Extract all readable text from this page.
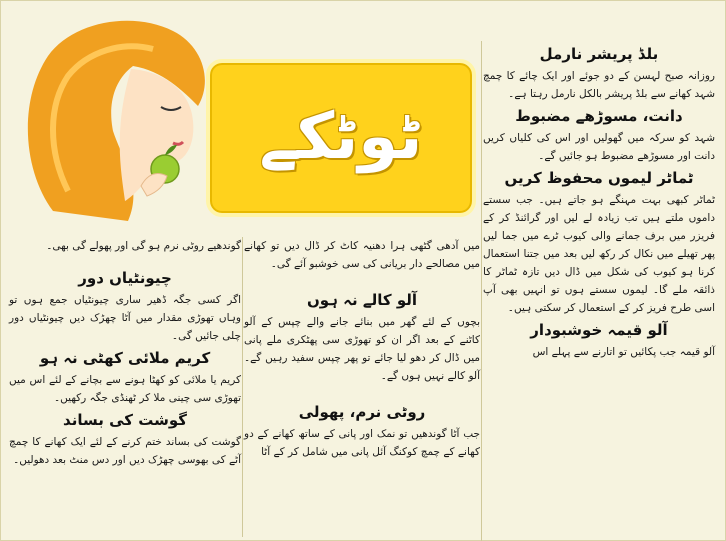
ٹوٹکے
بلڈ پریشر نارمل

روزانہ صبح لہسن کے دو جوئے اور ایک چائے کا چمچ شہد کھانے سے بلڈ پریشر بالکل نارمل رہتا ہے۔

دانت، مسوڑھے مضبوط

شہد کو سرکہ میں گھولیں اور اس کی کلیاں کریں دانت اور مسوڑھے مضبوط ہو جائیں گے۔

ٹماٹر لیموں محفوظ کریں

ٹماٹر کبھی بہت مہنگے ہو جاتے ہیں۔ جب سستے داموں ملتے ہیں تب زیادہ لے لیں اور گرائنڈ کر کے فریزر میں برف جمانے والی کیوب ٹرے میں جما لیں پھر تھیلے میں نکال کر رکھ لیں بعد میں جتنا استعمال کرنا ہو کیوب کی شکل میں ڈال دیں تازہ ٹماٹر کا ذائقہ ملے گا۔ لیموں سستے ہوں تو انہیں بھی آپ اسی طرح فریز کر کے استعمال کر سکتی ہیں۔

آلو قیمہ خوشبودار

آلو قیمہ جب پکائیں تو اتارنے سے پہلے اس

میں آدھی گٹھی ہرا دھنیہ کاٹ کر ڈال دیں تو کھانے میں مصالحے دار بریانی کی سی خوشبو آئے گی۔

آلو کالے نہ ہوں

بچوں کے لئے گھر میں بنائے جانے والے چپس کے آلو کاٹنے کے بعد اگر ان کو تھوڑی سی پھٹکری ملے پانی میں ڈال کر دھو لیا جائے تو پھر چپس سفید رہیں گے۔ آلو کالے نہیں ہوں گے۔

روٹی نرم، پھولی

جب آٹا گوندھیں تو نمک اور پانی کے ساتھ کھانے کے دو کھانے کے چمچ کوکنگ آئل پانی میں شامل کر کے آٹا

گوندھیے روٹی نرم ہو گی اور پھولے گی بھی۔

چیونٹیاں دور

اگر کسی جگہ ڈھیر ساری چیونٹیاں جمع ہوں تو وہاں تھوڑی مقدار میں آٹا چھڑک دیں چیونٹیاں دور چلی جائیں گی۔

کریم ملائی کھٹی نہ ہو

کریم یا ملائی کو کھٹا ہونے سے بچانے کے لئے اس میں تھوڑی سی چینی ملا کر ٹھنڈی جگہ رکھیں۔

گوشت کی بساند

گوشت کی بساند ختم کرنے کے لئے ایک کھانے کا چمچ آٹے کی بھوسی چھڑک دیں اور دس منٹ بعد دھولیں۔
